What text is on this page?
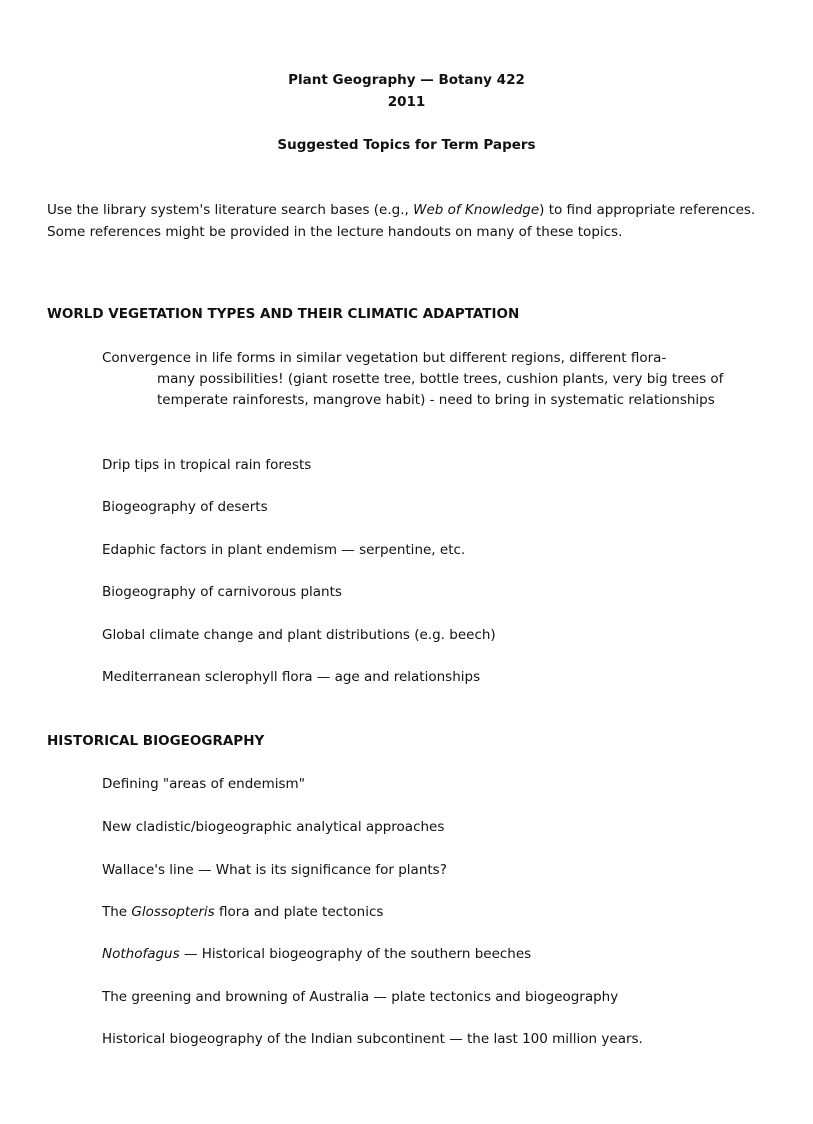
Plant Geography — Botany 422
2011
Suggested Topics for Term Papers
Use the library system's literature search bases (e.g., Web of Knowledge) to find appropriate references. Some references might be provided in the lecture handouts on many of these topics.
WORLD VEGETATION TYPES AND THEIR CLIMATIC ADAPTATION
Convergence in life forms in similar vegetation but different regions, different flora-
many possibilities! (giant rosette tree, bottle trees, cushion plants, very big trees of temperate rainforests, mangrove habit) - need to bring in systematic relationships
Drip tips in tropical rain forests
Biogeography of deserts
Edaphic factors in plant endemism — serpentine, etc.
Biogeography of carnivorous plants
Global climate change and plant distributions (e.g. beech)
Mediterranean sclerophyll flora — age and relationships
HISTORICAL BIOGEOGRAPHY
Defining "areas of endemism"
New cladistic/biogeographic analytical approaches
Wallace's line — What is its significance for plants?
The Glossopteris flora and plate tectonics
Nothofagus — Historical biogeography of the southern beeches
The greening and browning of Australia — plate tectonics and biogeography
Historical biogeography of the Indian subcontinent — the last 100 million years.
